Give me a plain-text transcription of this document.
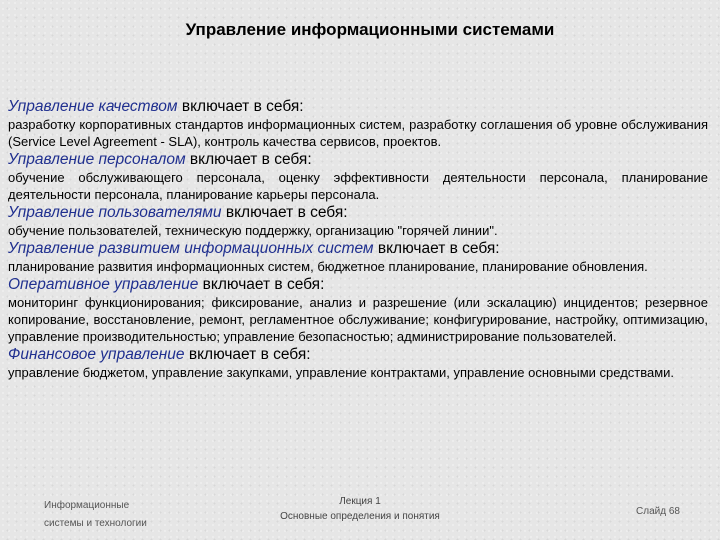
Управление информационными системами
Управление качеством включает в себя:
разработку корпоративных стандартов информационных систем, разработку соглашения об уровне обслуживания (Service Level Agreement - SLA), контроль качества сервисов, проектов.
Управление персоналом включает в себя:
обучение обслуживающего персонала, оценку эффективности деятельности персонала, планирование деятельности персонала, планирование карьеры персонала.
Управление пользователями включает в себя:
обучение пользователей, техническую поддержку, организацию "горячей линии".
Управление развитием информационных систем включает в себя:
планирование развития информационных систем, бюджетное планирование, планирование обновления.
Оперативное управление включает в себя:
мониторинг функционирования; фиксирование, анализ и разрешение (или эскалацию) инцидентов; резервное копирование, восстановление, ремонт, регламентное обслуживание; конфигурирование, настройку, оптимизацию, управление производительностью; управление безопасностью; администрирование пользователей.
Финансовое управление включает в себя:
управление бюджетом, управление закупками, управление контрактами, управление основными средствами.
Информационные
системы и технологии
Лекция 1
Основные определения и понятия	Слайд 68
